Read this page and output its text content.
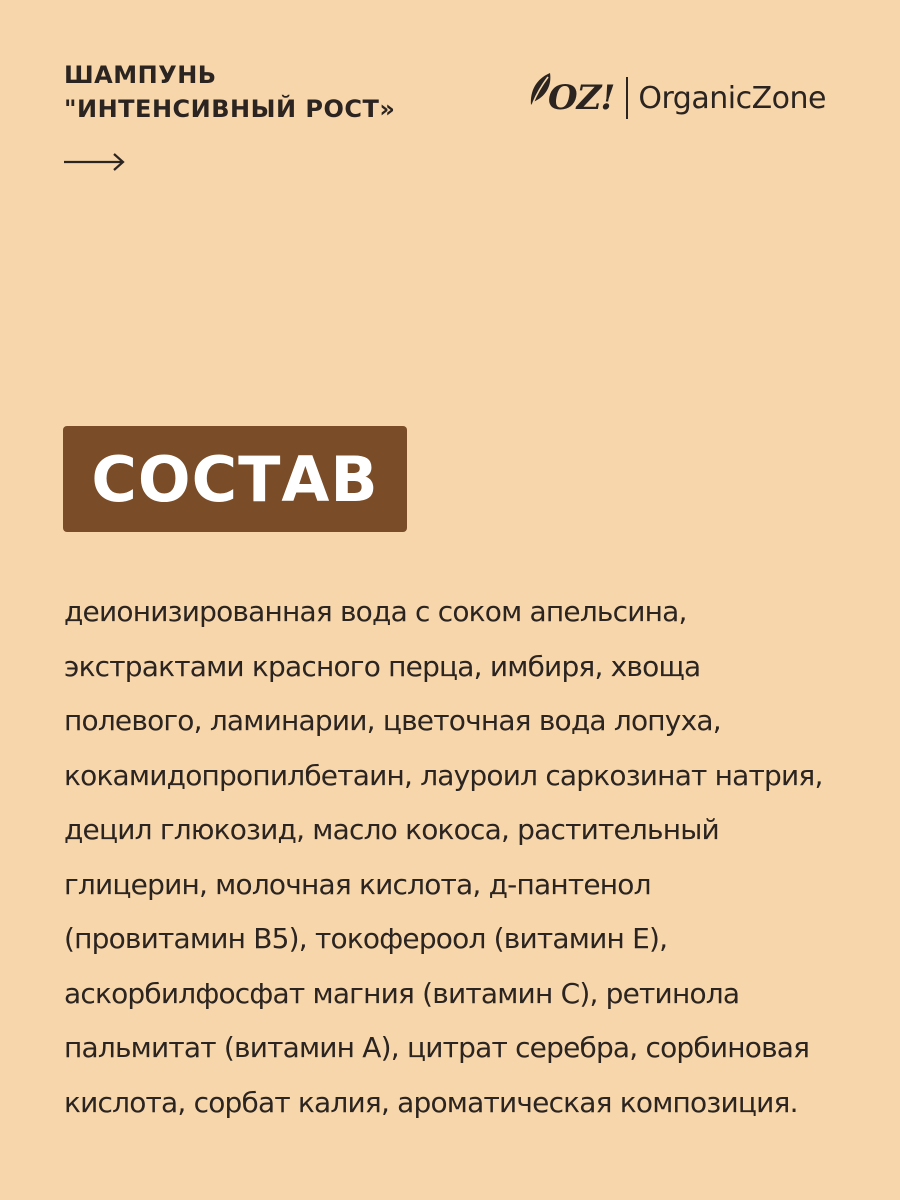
ШАМПУНЬ
"ИНТЕНСИВНЫЙ РОСТ»	OZ! OrganicZone
СОСТАВ
деионизированная вода с соком апельсина,
экстрактами красного перца, имбиря, хвоща
полевого, ламинарии, цветочная вода лопуха,
кокамидопропилбетаин, лауроил саркозинат натрия,
децил глюкозид, масло кокоса, растительный
глицерин, молочная кислота, д-пантенол
(провитамин В5), токофероол (витамин Е),
аскорбилфосфат магния (витамин С), ретинола
пальмитат (витамин А), цитрат серебра, сорбиновая
кислота, сорбат калия, ароматическая композиция.
